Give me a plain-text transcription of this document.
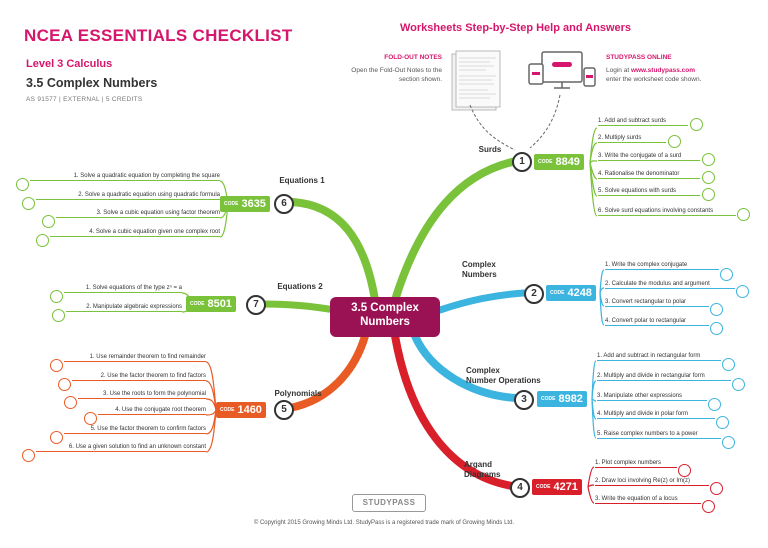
NCEA ESSENTIALS CHECKLIST
Level 3 Calculus
3.5 Complex Numbers
AS 91577 | EXTERNAL | 5 CREDITS
Worksheets Step-by-Step Help and Answers
FOLD-OUT NOTES
Open the Fold-Out Notes to the section shown.
STUDYPASS ONLINE
Login at www.studypass.com
enter the worksheet code shown.
3.5 Complex
Numbers
Surds
1	CODE 8849
1. Add and subtract surds
2. Multiply surds
3. Write the conjugate of a surd
4. Rationalise the denominator
5. Solve equations with surds
6. Solve surd equations involving constants
Equations 1
CODE 3635	6
1. Solve a quadratic equation by completing the square
2. Solve a quadratic equation using quadratic formula
3. Solve a cubic equation using factor theorem
4. Solve a cubic equation given one complex root
Equations 2
CODE 8501	7
1. Solve equations of the type zⁿ = a
2. Manipulate algebraic expressions
Complex
Numbers
2	CODE 4248
1. Write the complex conjugate
2. Calculate the modulus and argument
3. Convert rectangular to polar
4. Convert polar to rectangular
Complex
Number Operations
3	CODE 8982
1. Add and subtract in rectangular form
2. Multiply and divide in rectangular form
3. Manipulate other expressions
4. Multiply and divide in polar form
5. Raise complex numbers to a power
Argand
Diagrams
4	CODE 4271
1. Plot complex numbers
2. Draw loci involving Re(z) or Im(z)
3. Write the equation of a locus
Polynomials
CODE 1460	5
1. Use remainder theorem to find remainder
2. Use the factor theorem to find factors
3. Use the roots to form the polynomial
4. Use the conjugate root theorem
5. Use the factor theorem to confirm factors
6. Use a given solution to find an unknown constant
STUDYPASS
© Copyright 2015 Growing Minds Ltd. StudyPass is a registered trade mark of Growing Minds Ltd.
